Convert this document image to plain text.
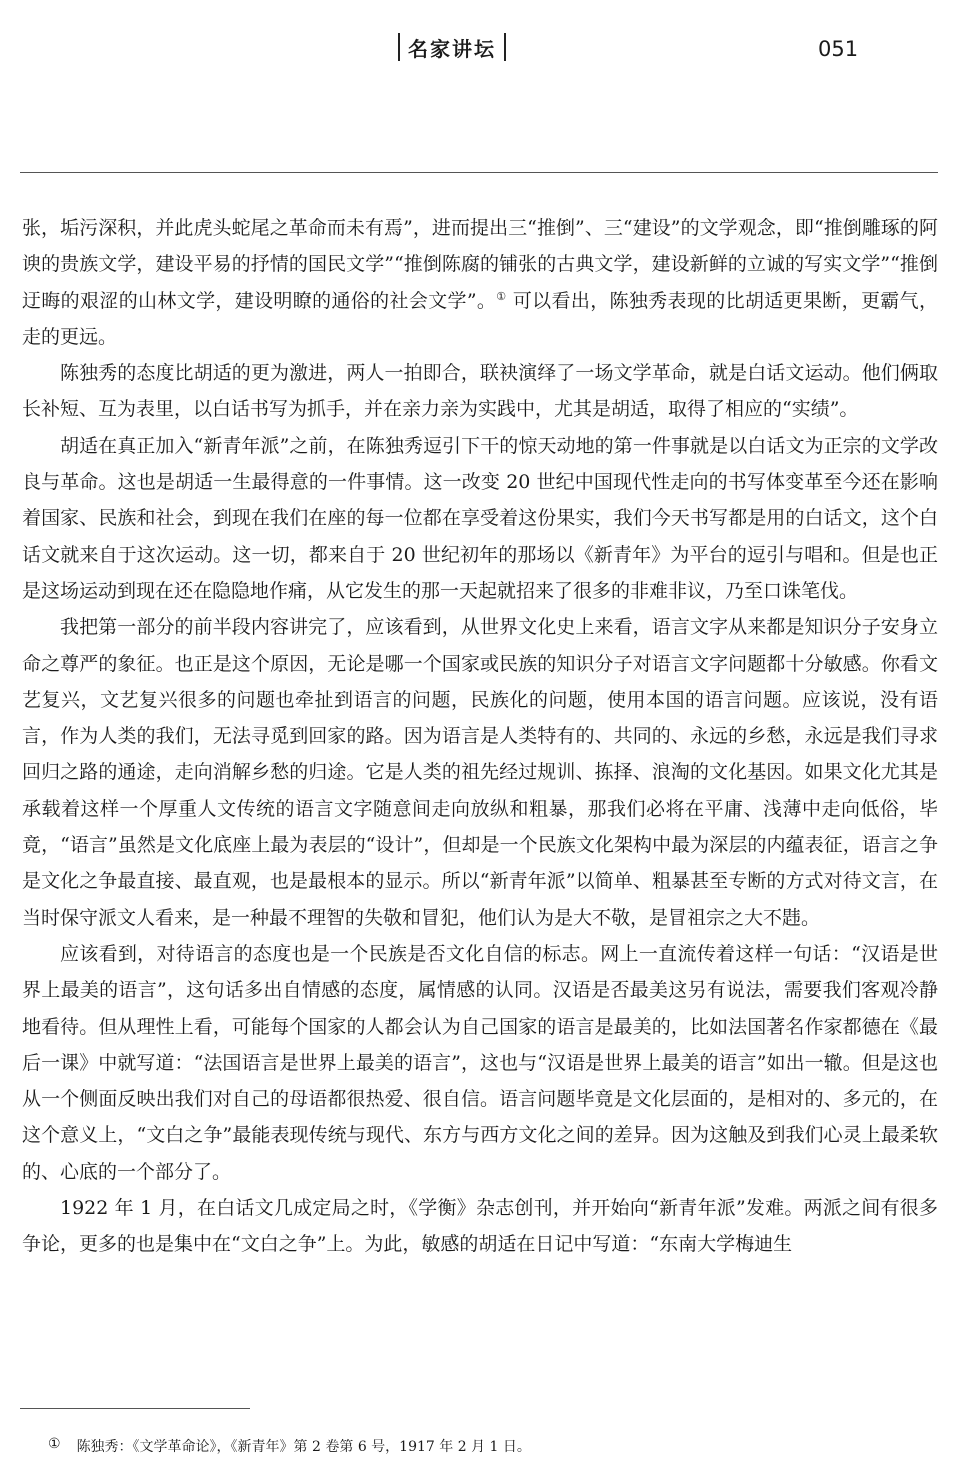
名家讲坛	051

张，垢污深积，并此虎头蛇尾之革命而未有焉”，进而提出三“推倒”、三“建设”的文学观念，即“推倒雕琢的阿谀的贵族文学，建设平易的抒情的国民文学”“推倒陈腐的铺张的古典文学，建设新鲜的立诚的写实文学”“推倒迂晦的艰涩的山林文学，建设明瞭的通俗的社会文学”。① 可以看出，陈独秀表现的比胡适更果断，更霸气，走的更远。

陈独秀的态度比胡适的更为激进，两人一拍即合，联袂演绎了一场文学革命，就是白话文运动。他们俩取长补短、互为表里，以白话书写为抓手，并在亲力亲为实践中，尤其是胡适，取得了相应的“实绩”。

胡适在真正加入“新青年派”之前，在陈独秀逗引下干的惊天动地的第一件事就是以白话文为正宗的文学改良与革命。这也是胡适一生最得意的一件事情。这一改变 20 世纪中国现代性走向的书写体变革至今还在影响着国家、民族和社会，到现在我们在座的每一位都在享受着这份果实，我们今天书写都是用的白话文，这个白话文就来自于这次运动。这一切，都来自于 20 世纪初年的那场以《新青年》为平台的逗引与唱和。但是也正是这场运动到现在还在隐隐地作痛，从它发生的那一天起就招来了很多的非难非议，乃至口诛笔伐。

我把第一部分的前半段内容讲完了，应该看到，从世界文化史上来看，语言文字从来都是知识分子安身立命之尊严的象征。也正是这个原因，无论是哪一个国家或民族的知识分子对语言文字问题都十分敏感。你看文艺复兴，文艺复兴很多的问题也牵扯到语言的问题，民族化的问题，使用本国的语言问题。应该说，没有语言，作为人类的我们，无法寻觅到回家的路。因为语言是人类特有的、共同的、永远的乡愁，永远是我们寻求回归之路的通途，走向消解乡愁的归途。它是人类的祖先经过规训、拣择、浪淘的文化基因。如果文化尤其是承载着这样一个厚重人文传统的语言文字随意间走向放纵和粗暴，那我们必将在平庸、浅薄中走向低俗，毕竟，“语言”虽然是文化底座上最为表层的“设计”，但却是一个民族文化架构中最为深层的内蕴表征，语言之争是文化之争最直接、最直观，也是最根本的显示。所以“新青年派”以简单、粗暴甚至专断的方式对待文言，在当时保守派文人看来，是一种最不理智的失敬和冒犯，他们认为是大不敬，是冒祖宗之大不韪。

应该看到，对待语言的态度也是一个民族是否文化自信的标志。网上一直流传着这样一句话：“汉语是世界上最美的语言”，这句话多出自情感的态度，属情感的认同。汉语是否最美这另有说法，需要我们客观冷静地看待。但从理性上看，可能每个国家的人都会认为自己国家的语言是最美的，比如法国著名作家都德在《最后一课》中就写道：“法国语言是世界上最美的语言”，这也与“汉语是世界上最美的语言”如出一辙。但是这也从一个侧面反映出我们对自己的母语都很热爱、很自信。语言问题毕竟是文化层面的，是相对的、多元的，在这个意义上，“文白之争”最能表现传统与现代、东方与西方文化之间的差异。因为这触及到我们心灵上最柔软的、心底的一个部分了。

1922 年 1 月，在白话文几成定局之时，《学衡》杂志创刊，并开始向“新青年派”发难。两派之间有很多争论，更多的也是集中在“文白之争”上。为此，敏感的胡适在日记中写道：“东南大学梅迪生

① 陈独秀：《文学革命论》，《新青年》第 2 卷第 6 号，1917 年 2 月 1 日。
